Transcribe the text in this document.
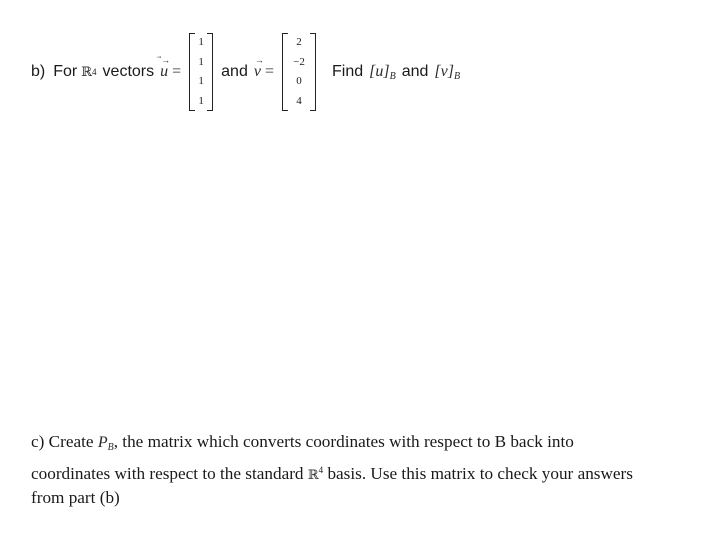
b) For ℝ 4 vectors
⃗→
u =
1
1
1
1
and
→
v =
2
−2
0
4
Find $[u]_B$ and $[v]_B$
c) Create $P_B$, the matrix which converts coordinates with respect to B back into
coordinates with respect to the standard ℝ$^4$ basis. Use this matrix to check your answers
from part (b)
